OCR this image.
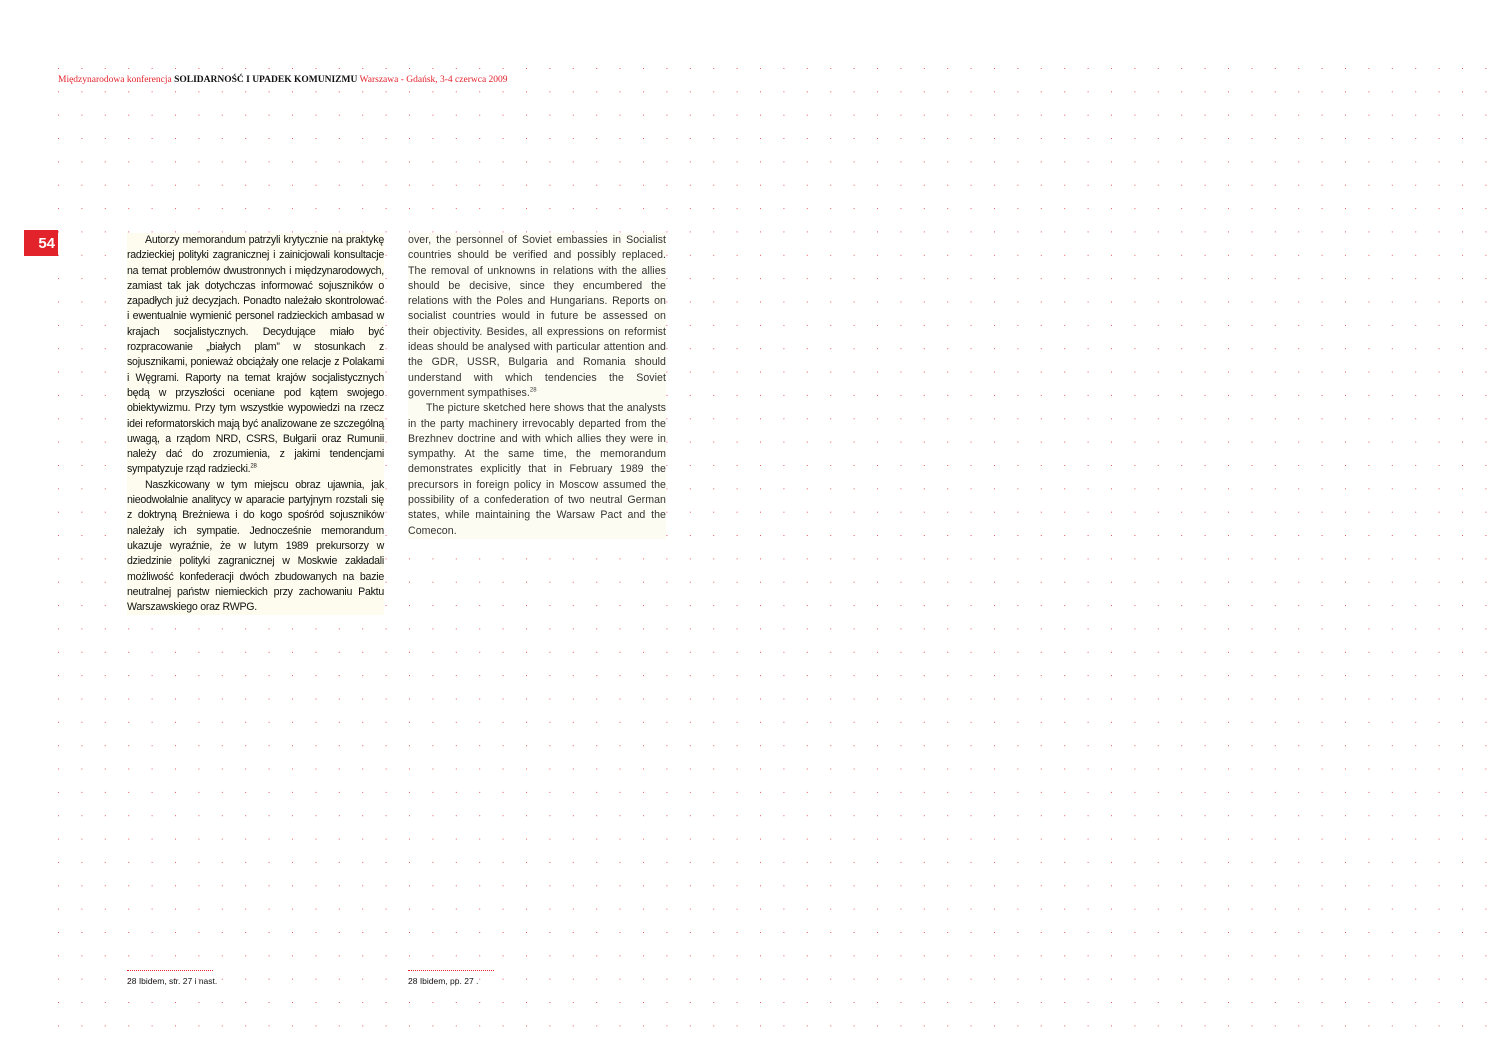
Międzynarodowa konferencja SOLIDARNOŚĆ I UPADEK KOMUNIZMU Warszawa - Gdańsk, 3-4 czerwca 2009
54	Autorzy memorandum patrzyli krytycznie na praktykę radzieckiej polityki zagranicznej i zainicjowali konsultacje na temat problemów dwustronnych i międzynarodowych, zamiast tak jak dotychczas informować sojuszników o zapadłych już decyzjach. Ponadto należało skontrolować i ewentualnie wymienić personel radzieckich ambasad w krajach socjalistycznych. Decydujące miało być rozpracowanie „białych plam” w stosunkach z sojusznikami, ponieważ obciążały one relacje z Polakami i Węgrami. Raporty na temat krajów socjalistycznych będą w przyszłości oceniane pod kątem swojego obiektywizmu. Przy tym wszystkie wypowiedzi na rzecz idei reformatorskich mają być analizowane ze szczególną uwagą, a rządom NRD, CSRS, Bułgarii oraz Rumunii należy dać do zrozumienia, z jakimi tendencjami sympatyzuje rząd radziecki.$^{28}$

Naszkicowany w tym miejscu obraz ujawnia, jak nieodwołalnie analitycy w aparacie partyjnym rozstali się z doktryną Breżniewa i do kogo spośród sojuszników należały ich sympatie. Jednocześnie memorandum ukazuje wyraźnie, że w lutym 1989 prekursorzy w dziedzinie polityki zagranicznej w Moskwie zakładali możliwość konfederacji dwóch zbudowanych na bazie neutralnej państw niemieckich przy zachowaniu Paktu Warszawskiego oraz RWPG.

over, the personnel of Soviet embassies in Socialist countries should be verified and possibly replaced. The removal of unknowns in relations with the allies should be decisive, since they encumbered the relations with the Poles and Hungarians. Reports on socialist countries would in future be assessed on their objectivity. Besides, all expressions on reformist ideas should be analysed with particular attention and the GDR, USSR, Bulgaria and Romania should understand with which tendencies the Soviet government sympathises.$^{28}$

The picture sketched here shows that the analysts in the party machinery irrevocably departed from the Brezhnev doctrine and with which allies they were in sympathy. At the same time, the memorandum demonstrates explicitly that in February 1989 the precursors in foreign policy in Moscow assumed the possibility of a confederation of two neutral German states, while maintaining the Warsaw Pact and the Comecon.

28 Ibidem, str. 27 i nast.	28 Ibidem, pp. 27 .
